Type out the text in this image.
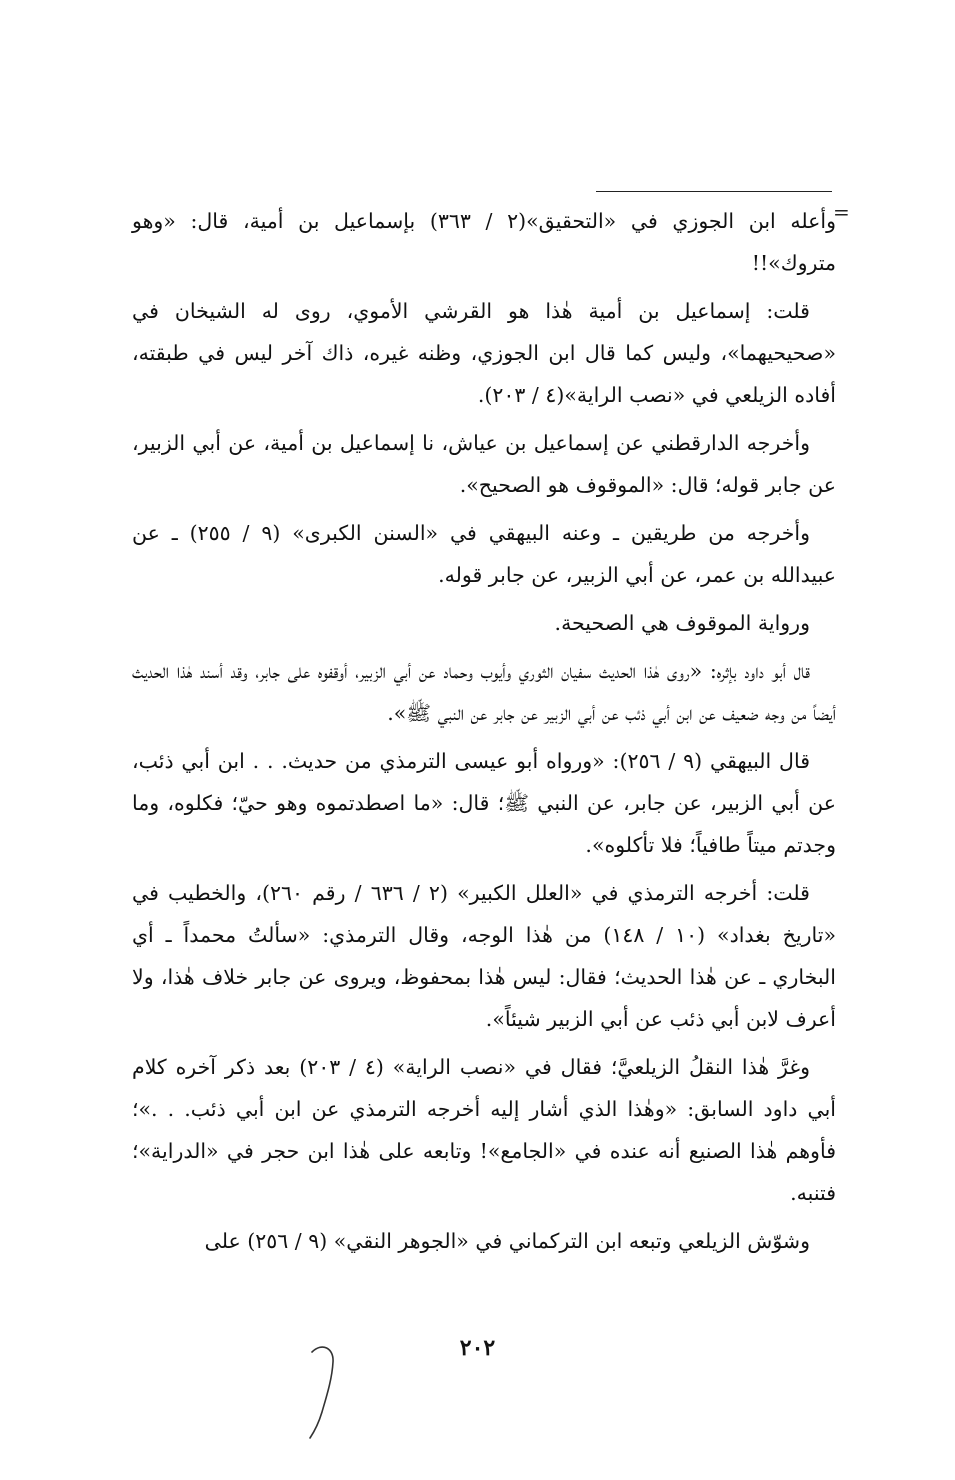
=

وأعله ابن الجوزي في «التحقيق»(٢ / ٣٦٣) بإسماعيل بن أمية، قال: «وهو متروك»!!

قلت: إسماعيل بن أمية هٰذا هو القرشي الأموي، روى له الشيخان في «صحيحيهما»، وليس كما قال ابن الجوزي، وظنه غيره، ذاك آخر ليس في طبقته، أفاده الزيلعي في «نصب الراية»(٤ / ٢٠٣).

وأخرجه الدارقطني عن إسماعيل بن عياش، نا إسماعيل بن أمية، عن أبي الزبير، عن جابر قوله؛ قال: «الموقوف هو الصحيح».

وأخرجه من طريقين ـ وعنه البيهقي في «السنن الكبرى» (٩ / ٢٥٥) ـ عن عبيدالله بن عمر، عن أبي الزبير، عن جابر قوله.

ورواية الموقوف هي الصحيحة.

قال أبو داود بإثره: «روى هٰذا الحديث سفيان الثوري وأيوب وحماد عن أبي الزبير، أوقفوه على جابر، وقد أسند هٰذا الحديث أيضاً من وجه ضعيف عن ابن أبي ذئب عن أبي الزبير عن جابر عن النبي ﷺ».

قال البيهقي (٩ / ٢٥٦): «ورواه أبو عيسى الترمذي من حديث. . . ابن أبي ذئب، عن أبي الزبير، عن جابر، عن النبي ﷺ؛ قال: «ما اصطدتموه وهو حيّ؛ فكلوه، وما وجدتم ميتاً طافياً؛ فلا تأكلوه».

قلت: أخرجه الترمذي في «العلل الكبير» (٢ / ٦٣٦ / رقم ٢٦٠)، والخطيب في «تاريخ بغداد» (١٠ / ١٤٨) من هٰذا الوجه، وقال الترمذي: «سألتُ محمداً ـ أي البخاري ـ عن هٰذا الحديث؛ فقال: ليس هٰذا بمحفوظ، ويروى عن جابر خلاف هٰذا، ولا أعرف لابن أبي ذئب عن أبي الزبير شيئاً».

وغرَّ هٰذا النقلُ الزيلعيَّ؛ فقال في «نصب الراية» (٤ / ٢٠٣) بعد ذكر آخره كلام أبي داود السابق: «وهٰذا الذي أشار إليه أخرجه الترمذي عن ابن أبي ذئب. . .»؛ فأوهم هٰذا الصنيع أنه عنده في «الجامع»! وتابعه على هٰذا ابن حجر في «الدراية»؛ فتنبه.

وشوّش الزيلعي وتبعه ابن التركماني في «الجوهر النقي» (٩ / ٢٥٦) على

٢٠٢
